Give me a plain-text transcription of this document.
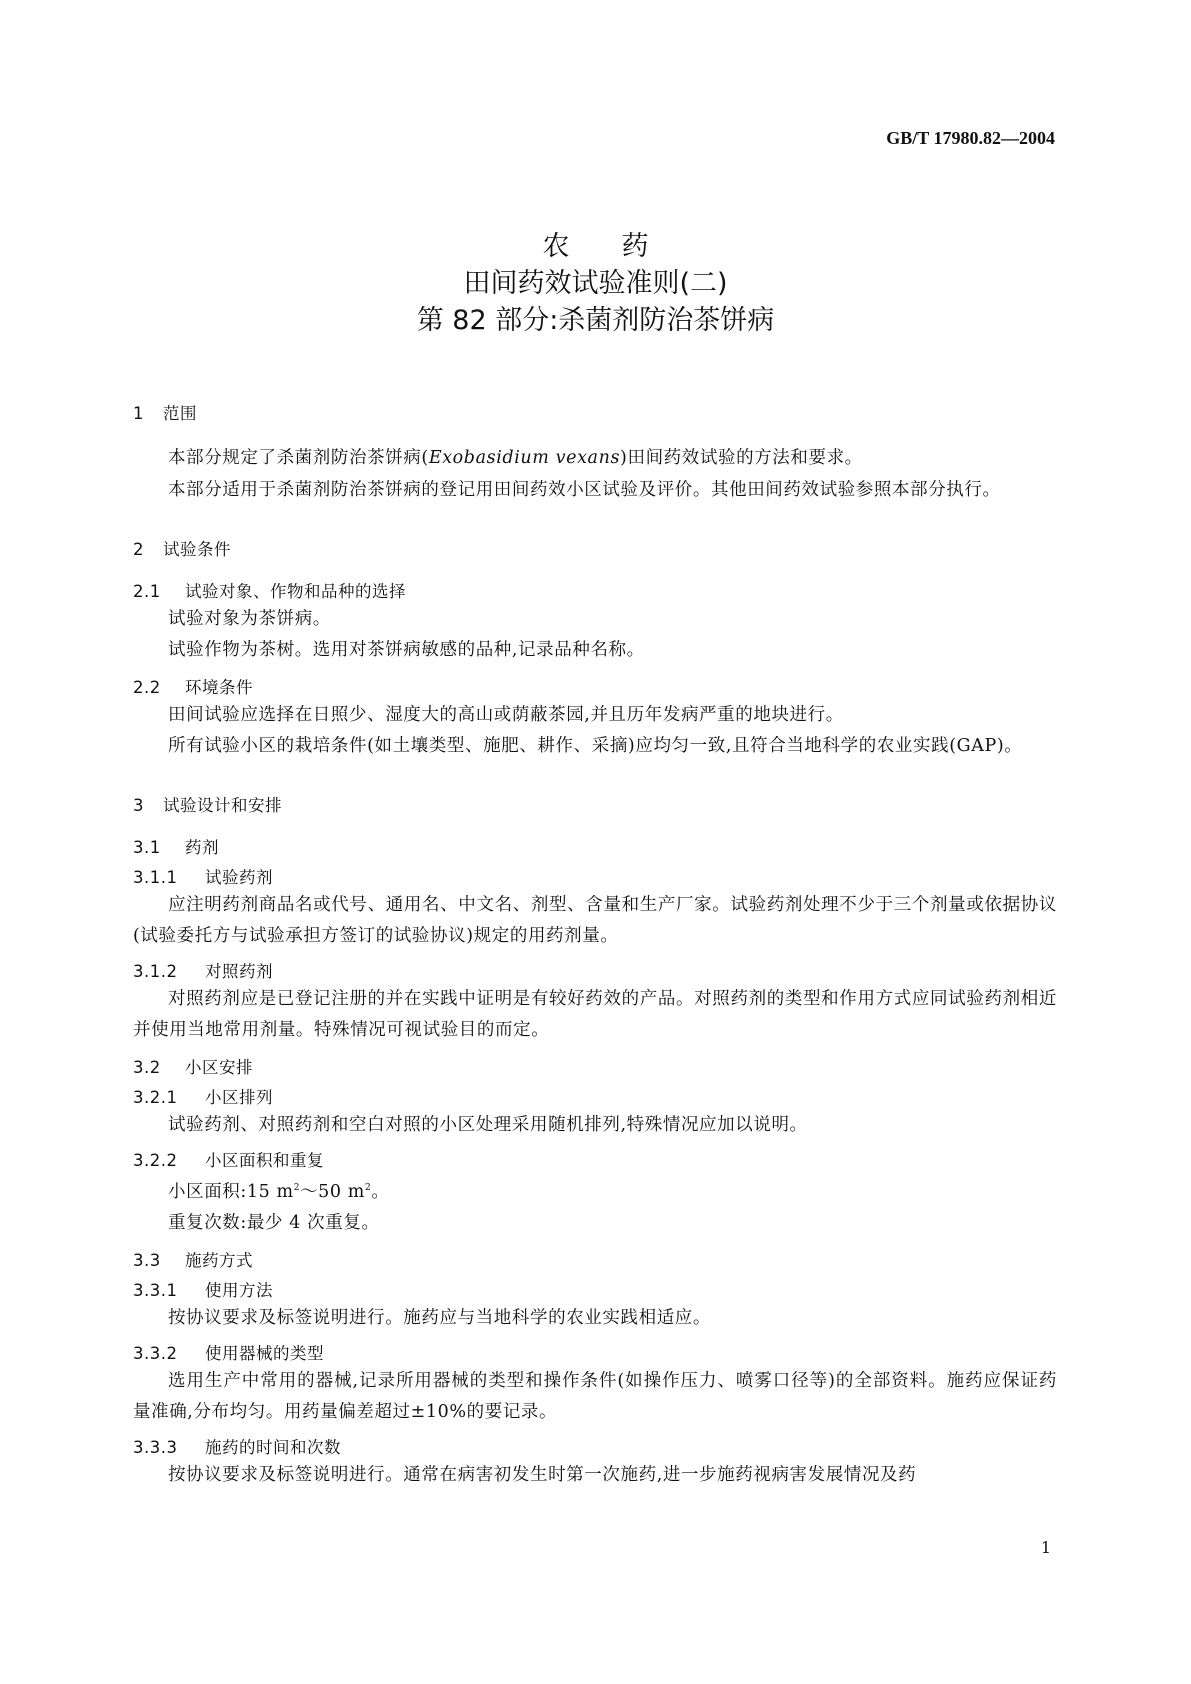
GB/T 17980.82—2004
农药
田间药效试验准则(二)
第 82 部分:杀菌剂防治茶饼病
1 范围

本部分规定了杀菌剂防治茶饼病(Exobasidium vexans)田间药效试验的方法和要求。

本部分适用于杀菌剂防治茶饼病的登记用田间药效小区试验及评价。其他田间药效试验参照本部分执行。

2 试验条件
2.1 试验对象、作物和品种的选择

试验对象为茶饼病。

试验作物为茶树。选用对茶饼病敏感的品种,记录品种名称。

2.2 环境条件

田间试验应选择在日照少、湿度大的高山或荫蔽茶园,并且历年发病严重的地块进行。

所有试验小区的栽培条件(如土壤类型、施肥、耕作、采摘)应均匀一致,且符合当地科学的农业实践(GAP)。

3 试验设计和安排
3.1 药剂
3.1.1 试验药剂

应注明药剂商品名或代号、通用名、中文名、剂型、含量和生产厂家。试验药剂处理不少于三个剂量或依据协议(试验委托方与试验承担方签订的试验协议)规定的用药剂量。

3.1.2 对照药剂

对照药剂应是已登记注册的并在实践中证明是有较好药效的产品。对照药剂的类型和作用方式应同试验药剂相近并使用当地常用剂量。特殊情况可视试验目的而定。

3.2 小区安排
3.2.1 小区排列

试验药剂、对照药剂和空白对照的小区处理采用随机排列,特殊情况应加以说明。

3.2.2 小区面积和重复

小区面积:15 $m^2\sim 50$ $m^2$。

重复次数:最少 4 次重复。

3.3 施药方式
3.3.1 使用方法

按协议要求及标签说明进行。施药应与当地科学的农业实践相适应。

3.3.2 使用器械的类型

选用生产中常用的器械,记录所用器械的类型和操作条件(如操作压力、喷雾口径等)的全部资料。施药应保证药量准确,分布均匀。用药量偏差超过±10%的要记录。

3.3.3 施药的时间和次数

按协议要求及标签说明进行。通常在病害初发生时第一次施药,进一步施药视病害发展情况及药

1
